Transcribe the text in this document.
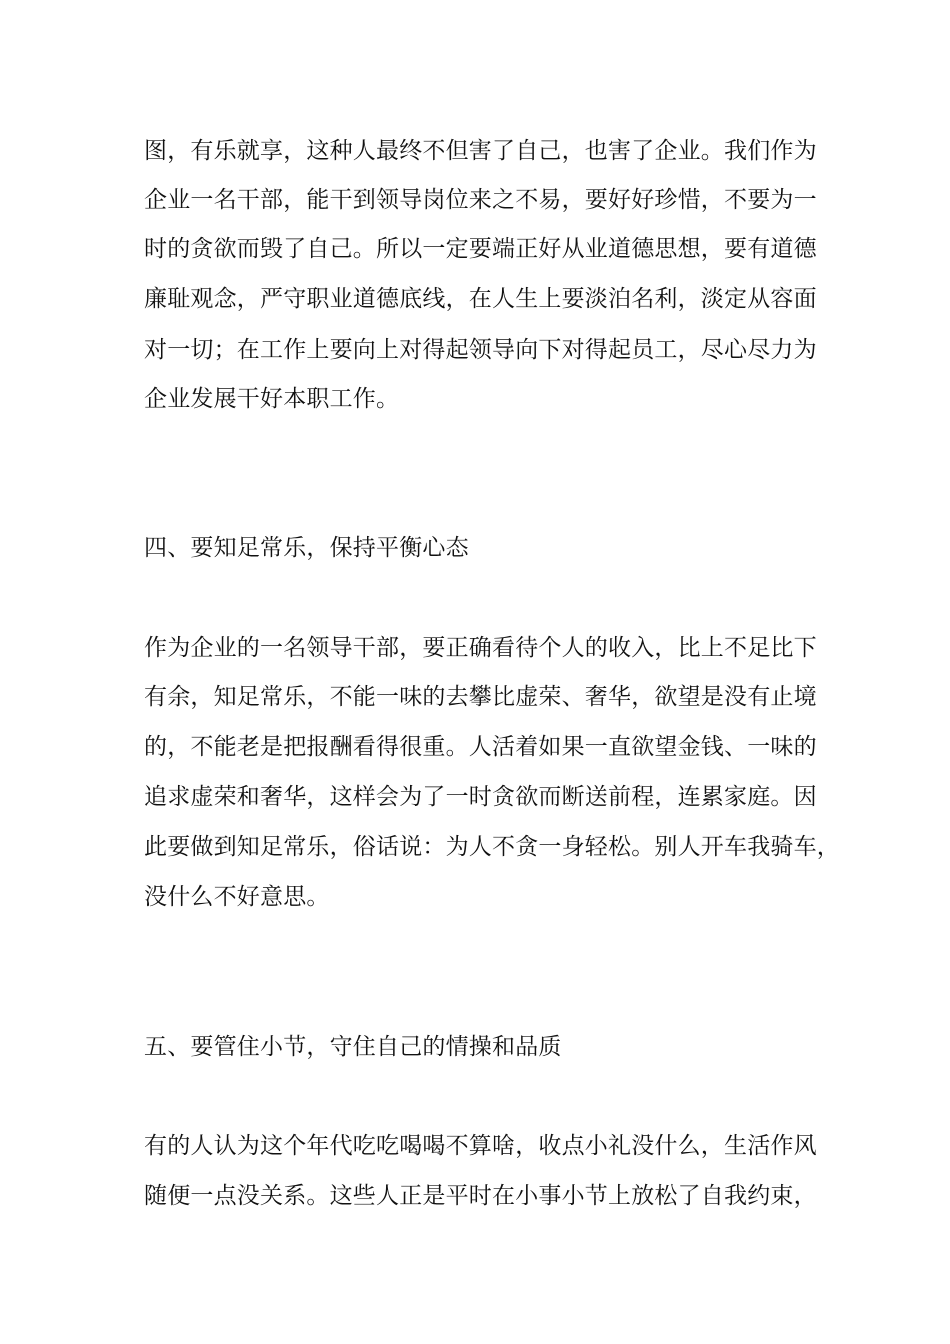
图，有乐就享，这种人最终不但害了自己，也害了企业。我们作为
企业一名干部，能干到领导岗位来之不易，要好好珍惜，不要为一
时的贪欲而毁了自己。所以一定要端正好从业道德思想，要有道德
廉耻观念，严守职业道德底线，在人生上要淡泊名利，淡定从容面
对一切；在工作上要向上对得起领导向下对得起员工，尽心尽力为
企业发展干好本职工作。
四、要知足常乐，保持平衡心态
作为企业的一名领导干部，要正确看待个人的收入，比上不足比下
有余，知足常乐，不能一味的去攀比虚荣、奢华，欲望是没有止境
的，不能老是把报酬看得很重。人活着如果一直欲望金钱、一味的
追求虚荣和奢华，这样会为了一时贪欲而断送前程，连累家庭。因
此要做到知足常乐，俗话说：为人不贪一身轻松。别人开车我骑车，
没什么不好意思。
五、要管住小节，守住自己的情操和品质
有的人认为这个年代吃吃喝喝不算啥，收点小礼没什么，生活作风
随便一点没关系。这些人正是平时在小事小节上放松了自我约束，
